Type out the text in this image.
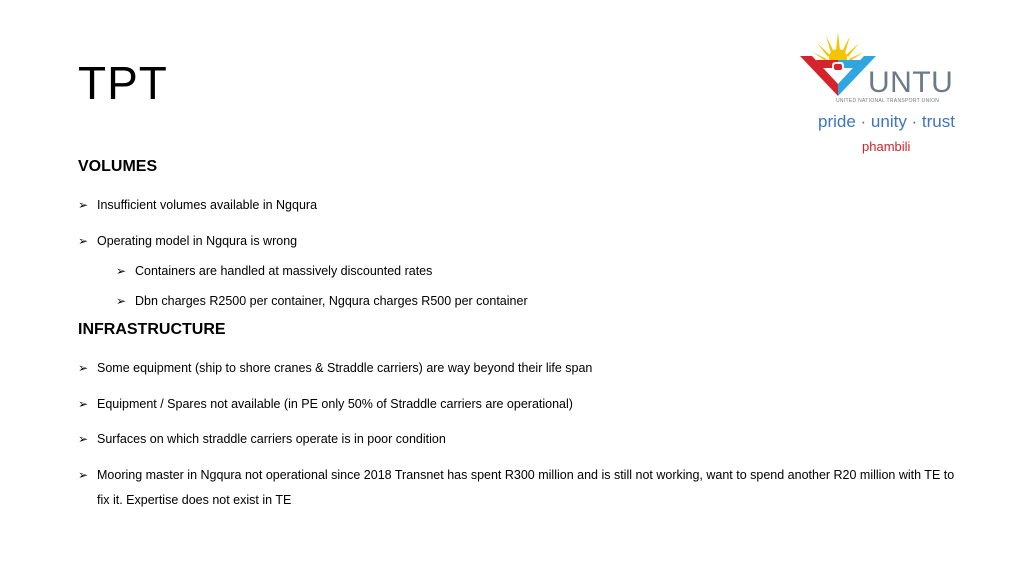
TPT	UNTU
UNITED NATIONAL TRANSPORT UNION
pride · unity · trust
phambili
VOLUMES
➢ Insufficient volumes available in Ngqura
➢ Operating model in Ngqura is wrong
➢ Containers are handled at massively discounted rates
➢ Dbn charges R2500 per container, Ngqura charges R500 per container
INFRASTRUCTURE
➢ Some equipment (ship to shore cranes & Straddle carriers) are way beyond their life span
➢ Equipment / Spares not available (in PE only 50% of Straddle carriers are operational)
➢ Surfaces on which straddle carriers operate is in poor condition
➢ Mooring master in Ngqura not operational since 2018 Transnet has spent R300 million and is still not working, want to spend another R20 million with TE to fix it. Expertise does not exist in TE
